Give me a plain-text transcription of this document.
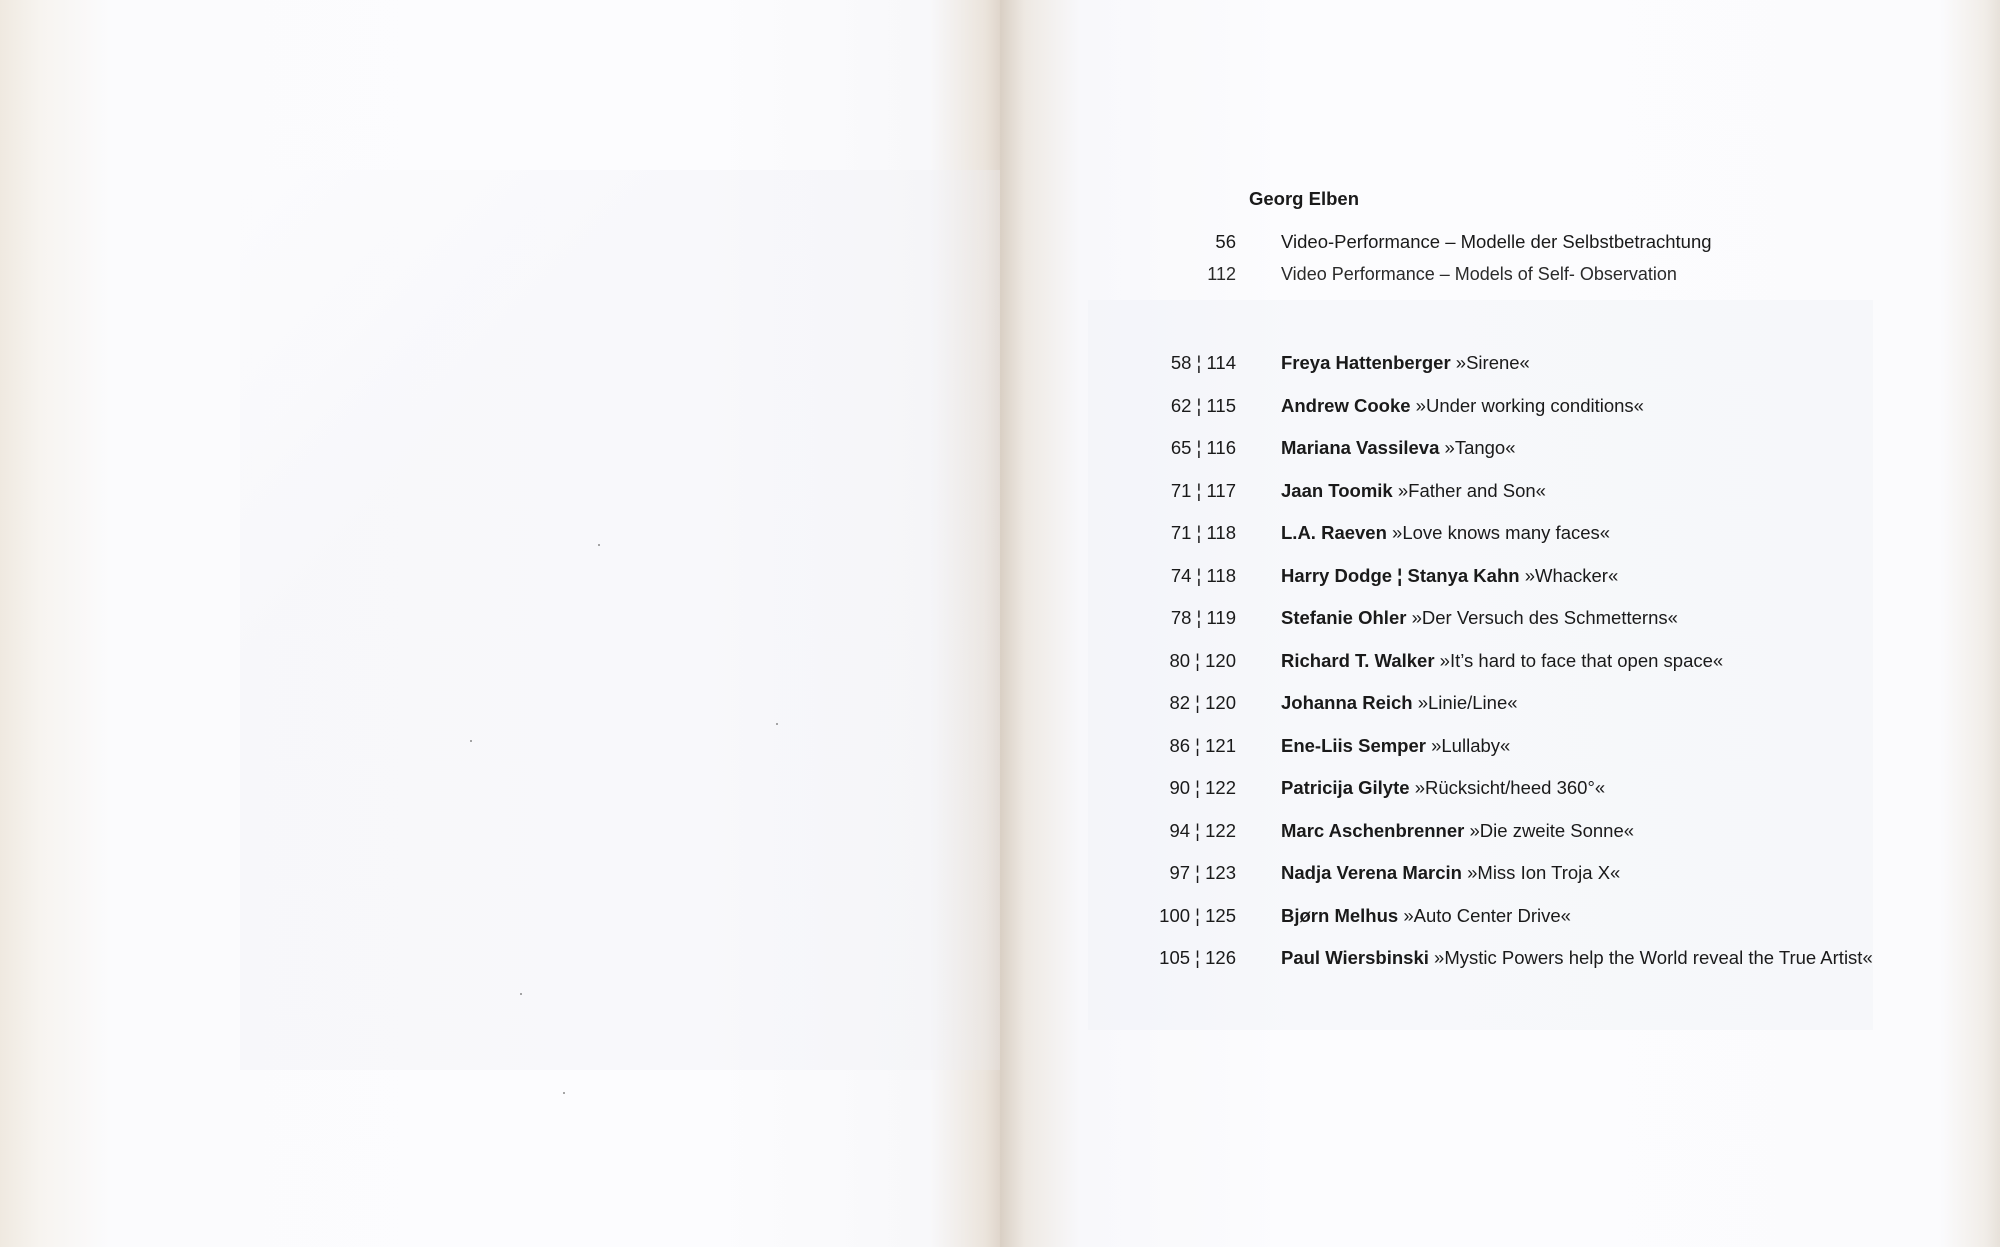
Georg Elben
56 Video-Performance – Modelle der Selbstbetrachtung
112	Video Performance – Models of Self- Observation
58 ¦ 114 Freya Hattenberger »Sirene«
62 ¦ 115 Andrew Cooke »Under working conditions«
65 ¦ 116 Mariana Vassileva »Tango«
71 ¦ 117 Jaan Toomik »Father and Son«
71 ¦ 118 L.A. Raeven »Love knows many faces«
74 ¦ 118 Harry Dodge ¦ Stanya Kahn »Whacker«
78 ¦ 119 Stefanie Ohler »Der Versuch des Schmetterns«
80 ¦ 120 Richard T. Walker »It’s hard to face that open space«
82 ¦ 120 Johanna Reich »Linie/Line«
86 ¦ 121 Ene-Liis Semper »Lullaby«
90 ¦ 122 Patricija Gilyte »Rücksicht/heed 360°«
94 ¦ 122 Marc Aschenbrenner »Die zweite Sonne«
97 ¦ 123 Nadja Verena Marcin »Miss Ion Troja X«
100 ¦ 125 Bjørn Melhus »Auto Center Drive«
105 ¦ 126 Paul Wiersbinski »Mystic Powers help the World reveal the True Artist«
